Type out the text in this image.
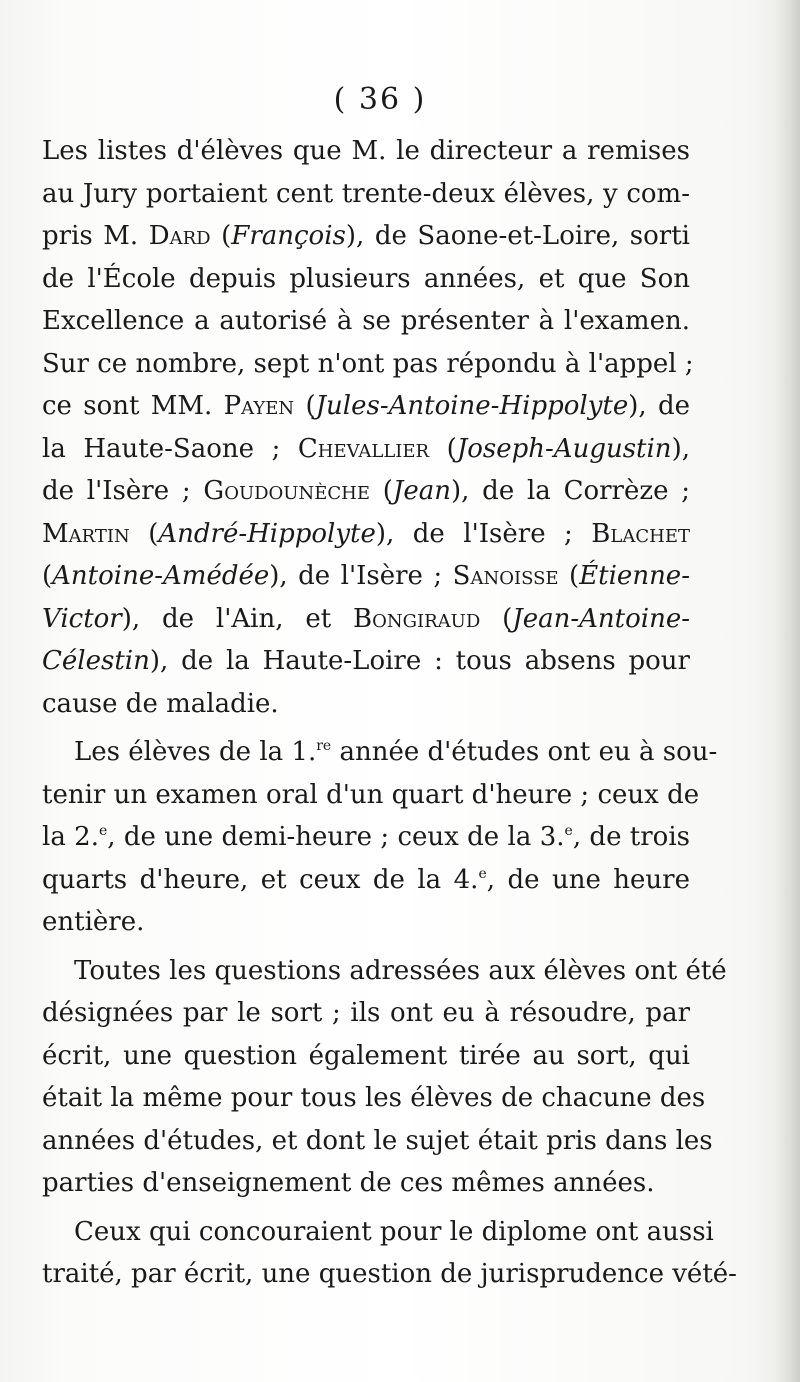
( 36 )
Les listes d'élèves que M. le directeur a remises
au Jury portaient cent trente-deux élèves, y com-
pris M. Dard (François), de Saone-et-Loire, sorti
de l'École depuis plusieurs années, et que Son
Excellence a autorisé à se présenter à l'examen.
Sur ce nombre, sept n'ont pas répondu à l'appel ;
ce sont MM. Payen (Jules-Antoine-Hippolyte), de
la Haute-Saone ; Chevallier (Joseph-Augustin),
de l'Isère ; Goudounèche (Jean), de la Corrèze ;
Martin (André-Hippolyte), de l'Isère ; Blachet
(Antoine-Amédée), de l'Isère ; Sanoisse (Étienne-
Victor), de l'Ain, et Bongiraud (Jean-Antoine-
Célestin), de la Haute-Loire : tous absens pour
cause de maladie.
Les élèves de la 1.$^{re}$ année d'études ont eu à sou-
tenir un examen oral d'un quart d'heure ; ceux de
la 2.$^e$, de une demi-heure ; ceux de la 3.$^e$, de trois
quarts d'heure, et ceux de la 4.$^e$, de une heure
entière.
Toutes les questions adressées aux élèves ont été
désignées par le sort ; ils ont eu à résoudre, par
écrit, une question également tirée au sort, qui
était la même pour tous les élèves de chacune des
années d'études, et dont le sujet était pris dans les
parties d'enseignement de ces mêmes années.
Ceux qui concouraient pour le diplome ont aussi
traité, par écrit, une question de jurisprudence vété-
